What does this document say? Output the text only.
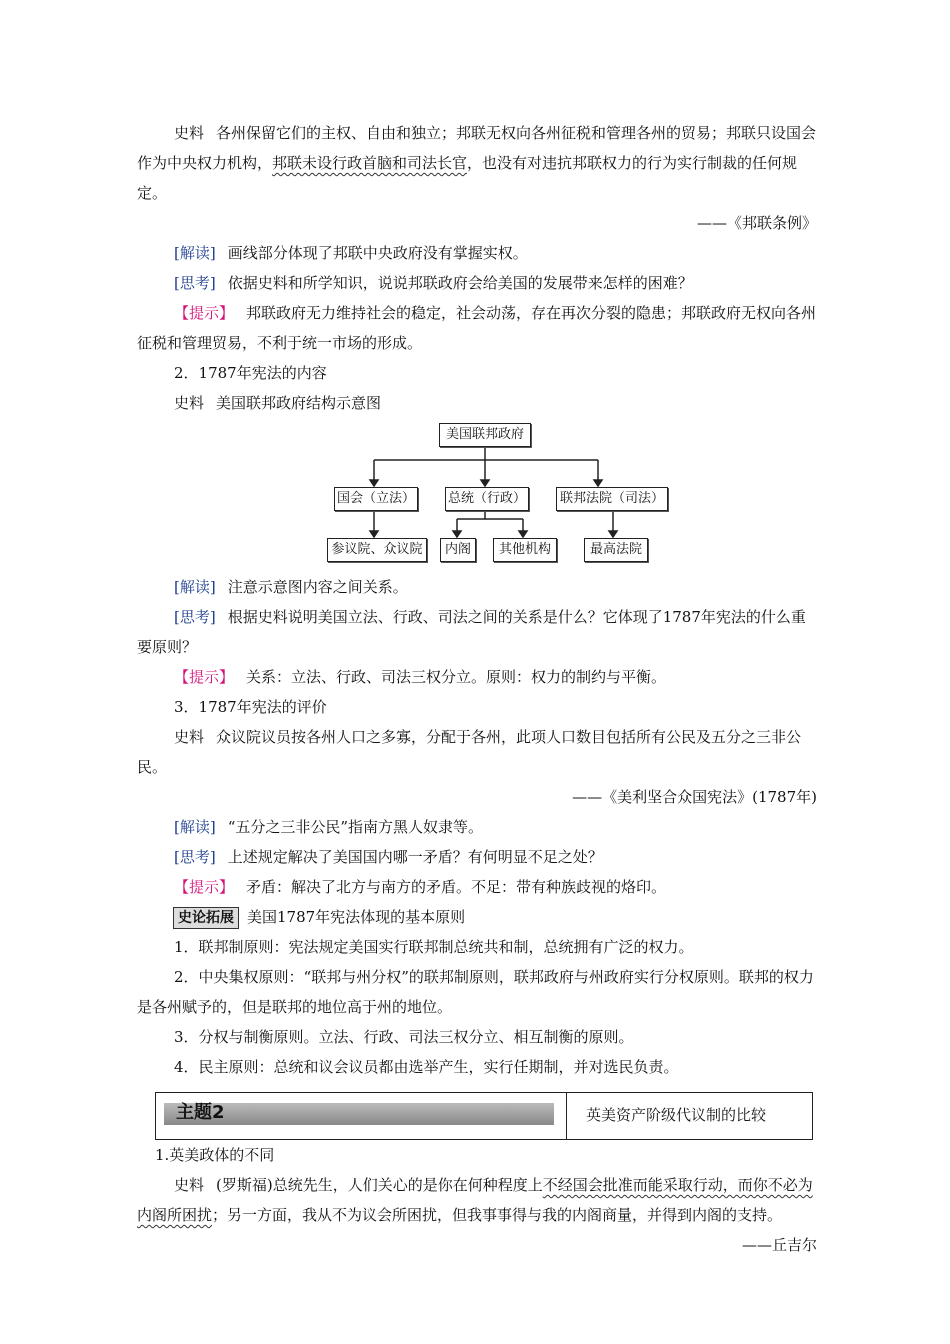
史料 各州保留它们的主权、自由和独立；邦联无权向各州征税和管理各州的贸易；邦联只设国会作为中央权力机构，邦联未设行政首脑和司法长官，也没有对违抗邦联权力的行为实行制裁的任何规定。

——《邦联条例》

[解读] 画线部分体现了邦联中央政府没有掌握实权。

[思考] 依据史料和所学知识，说说邦联政府会给美国的发展带来怎样的困难？

【提示】 邦联政府无力维持社会的稳定，社会动荡，存在再次分裂的隐患；邦联政府无权向各州征税和管理贸易，不利于统一市场的形成。

2．1787年宪法的内容

史料 美国联邦政府结构示意图

美国联邦政府
国会（立法）	总统（行政）	联邦法院（司法）
参议院、众议院	内阁	其他机构	最高法院

[解读] 注意示意图内容之间关系。

[思考] 根据史料说明美国立法、行政、司法之间的关系是什么？它体现了1787年宪法的什么重要原则？

【提示】 关系：立法、行政、司法三权分立。原则：权力的制约与平衡。

3．1787年宪法的评价

史料 众议院议员按各州人口之多寡，分配于各州，此项人口数目包括所有公民及五分之三非公民。

——《美利坚合众国宪法》(1787年)

[解读] “五分之三非公民”指南方黑人奴隶等。

[思考] 上述规定解决了美国国内哪一矛盾？有何明显不足之处？

【提示】 矛盾：解决了北方与南方的矛盾。不足：带有种族歧视的烙印。

史论拓展 美国1787年宪法体现的基本原则

1．联邦制原则：宪法规定美国实行联邦制总统共和制，总统拥有广泛的权力。

2．中央集权原则：“联邦与州分权”的联邦制原则，联邦政府与州政府实行分权原则。联邦的权力是各州赋予的，但是联邦的地位高于州的地位。

3．分权与制衡原则。立法、行政、司法三权分立、相互制衡的原则。

4．民主原则：总统和议会议员都由选举产生，实行任期制，并对选民负责。

主题2	英美资产阶级代议制的比较

1.英美政体的不同

史料 (罗斯福)总统先生，人们关心的是你在何种程度上不经国会批准而能采取行动，而你不必为内阁所困扰；另一方面，我从不为议会所困扰，但我事事得与我的内阁商量，并得到内阁的支持。

——丘吉尔
